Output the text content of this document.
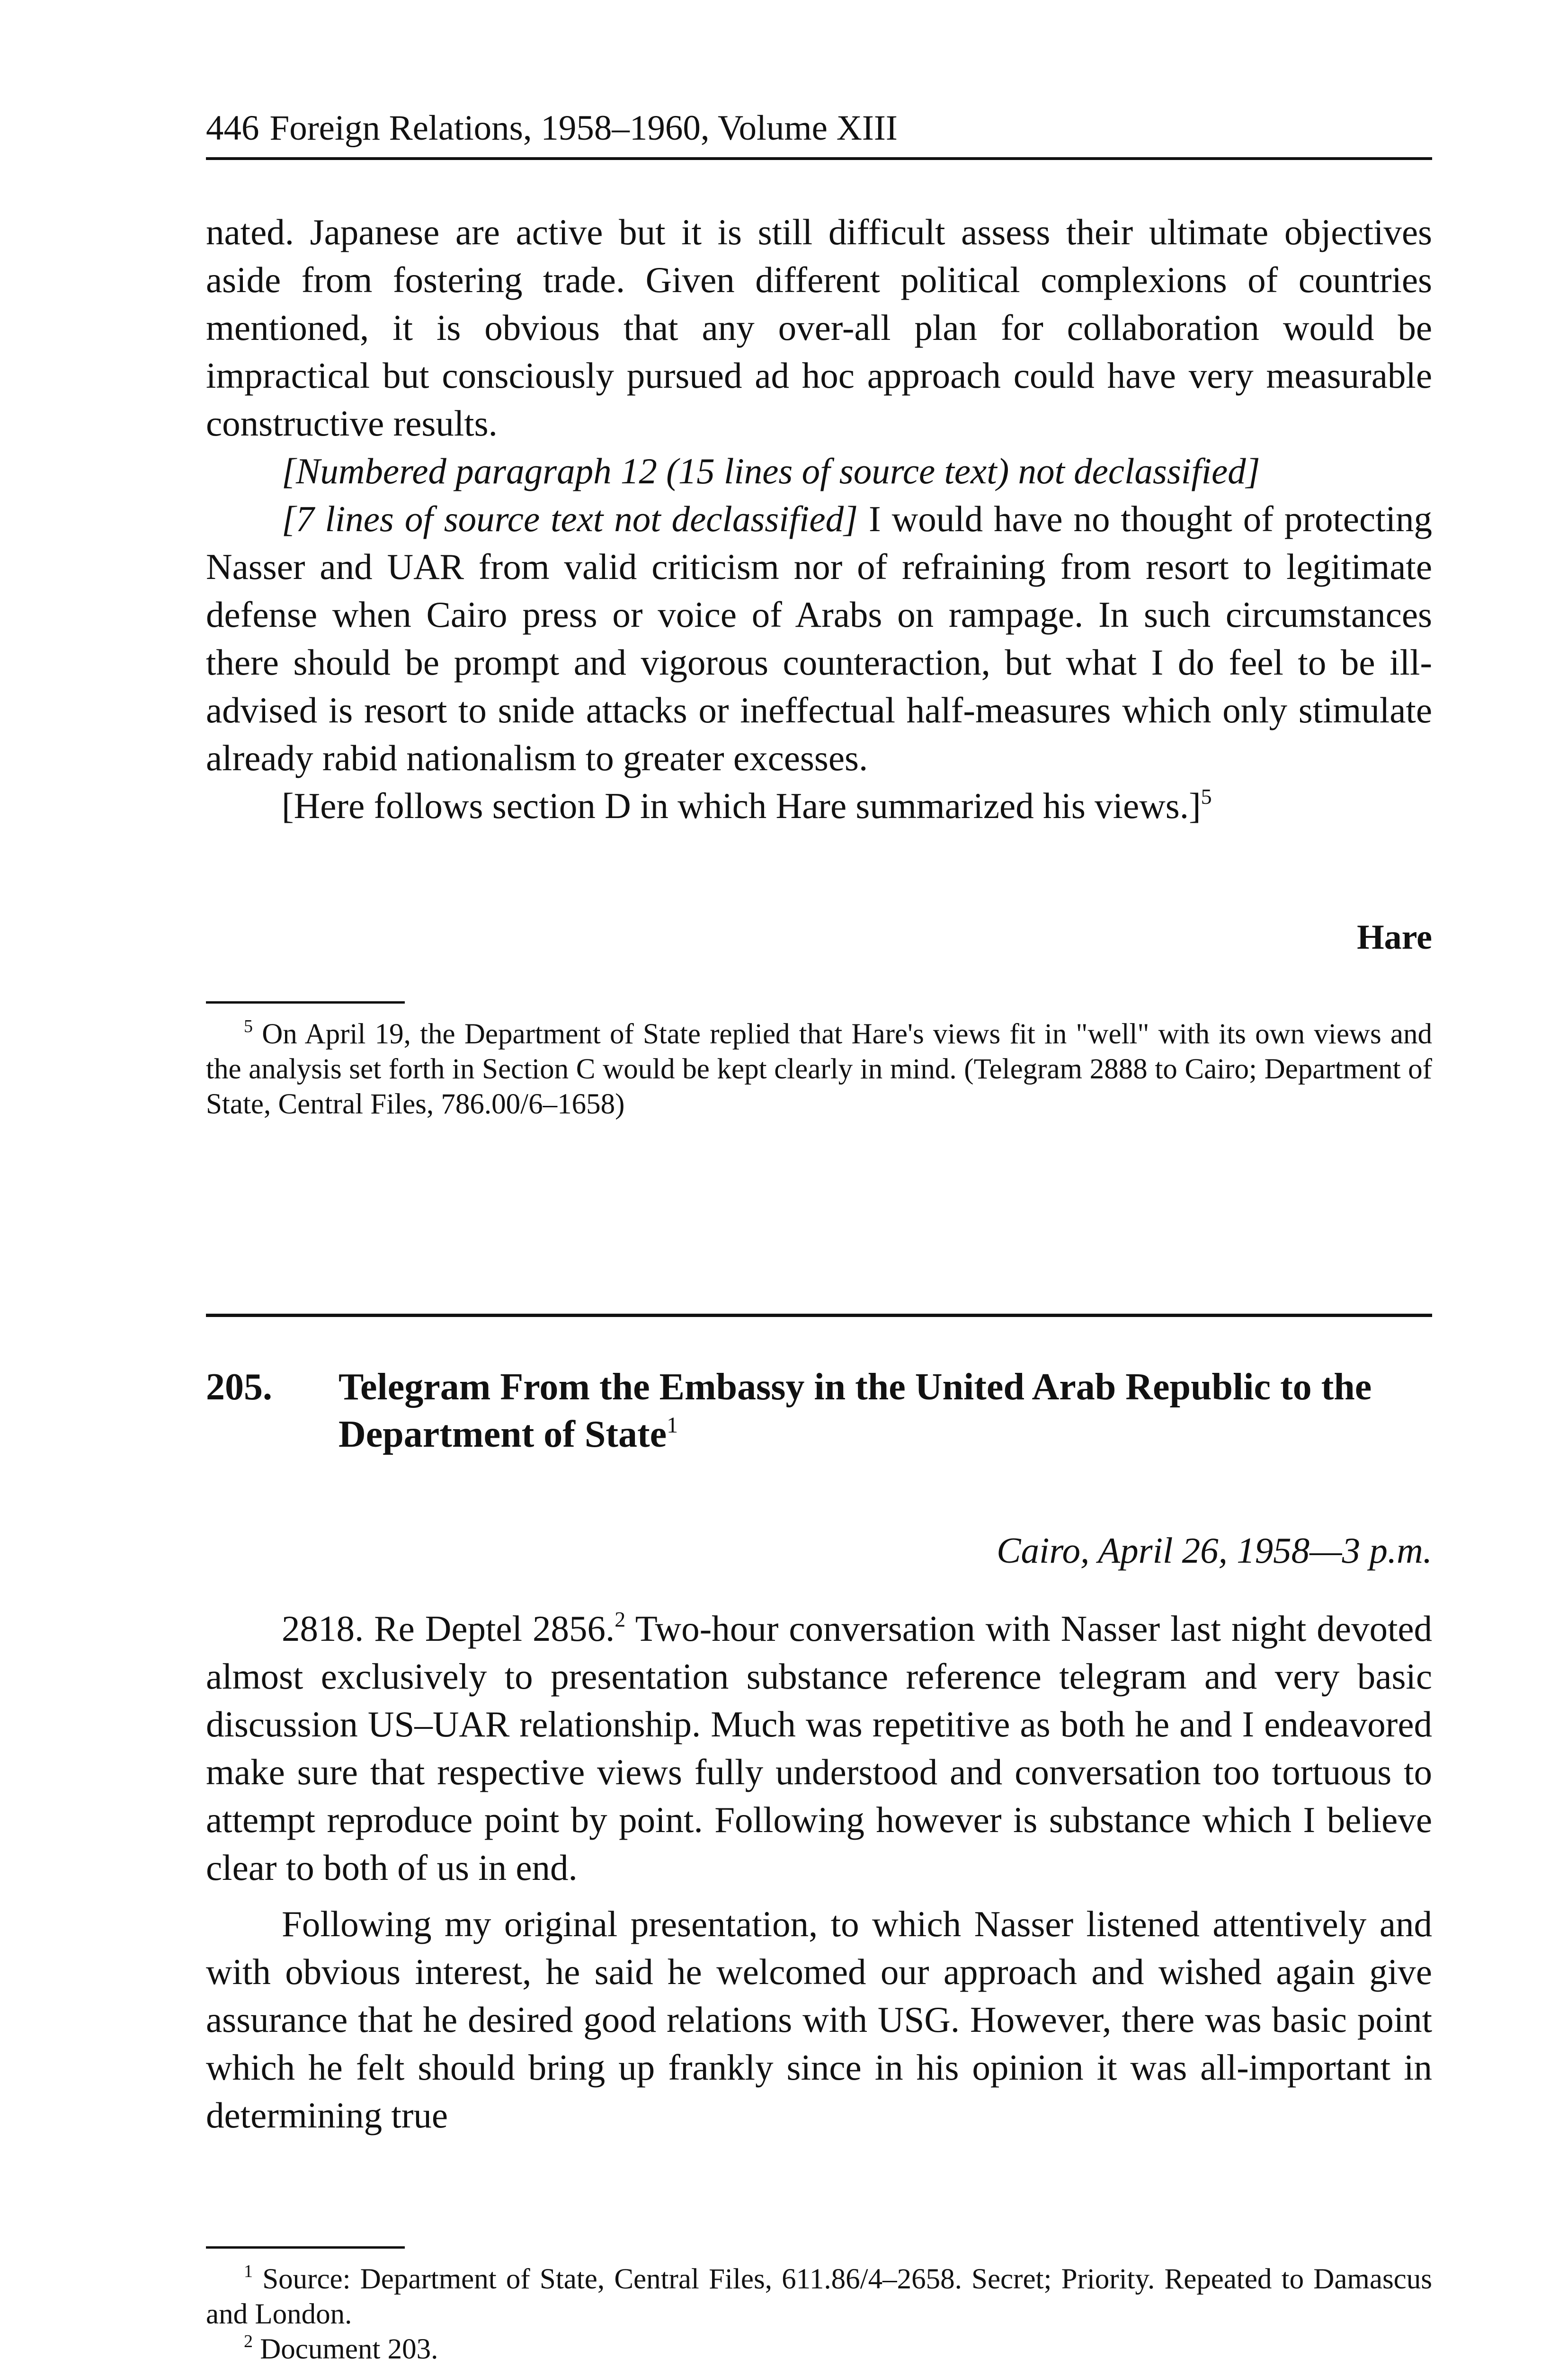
446 Foreign Relations, 1958–1960, Volume XIII

nated. Japanese are active but it is still difficult assess their ultimate objectives aside from fostering trade. Given different political complexions of countries mentioned, it is obvious that any over-all plan for collaboration would be impractical but consciously pursued ad hoc approach could have very measurable constructive results.

[Numbered paragraph 12 (15 lines of source text) not declassified]

[7 lines of source text not declassified] I would have no thought of protecting Nasser and UAR from valid criticism nor of refraining from resort to legitimate defense when Cairo press or voice of Arabs on rampage. In such circumstances there should be prompt and vigorous counteraction, but what I do feel to be ill-advised is resort to snide attacks or ineffectual half-measures which only stimulate already rabid nationalism to greater excesses.

[Here follows section D in which Hare summarized his views.]$^5$

Hare

$^5$ On April 19, the Department of State replied that Hare's views fit in "well" with its own views and the analysis set forth in Section C would be kept clearly in mind. (Telegram 2888 to Cairo; Department of State, Central Files, 786.00/6–1658)

205. Telegram From the Embassy in the United Arab Republic to the Department of State$^1$
Cairo, April 26, 1958—3 p.m.

2818. Re Deptel 2856.$^2$ Two-hour conversation with Nasser last night devoted almost exclusively to presentation substance reference telegram and very basic discussion US–UAR relationship. Much was repetitive as both he and I endeavored make sure that respective views fully understood and conversation too tortuous to attempt reproduce point by point. Following however is substance which I believe clear to both of us in end.

Following my original presentation, to which Nasser listened attentively and with obvious interest, he said he welcomed our approach and wished again give assurance that he desired good relations with USG. However, there was basic point which he felt should bring up frankly since in his opinion it was all-important in determining true

$^1$ Source: Department of State, Central Files, 611.86/4–2658. Secret; Priority. Repeated to Damascus and London.

$^2$ Document 203.
